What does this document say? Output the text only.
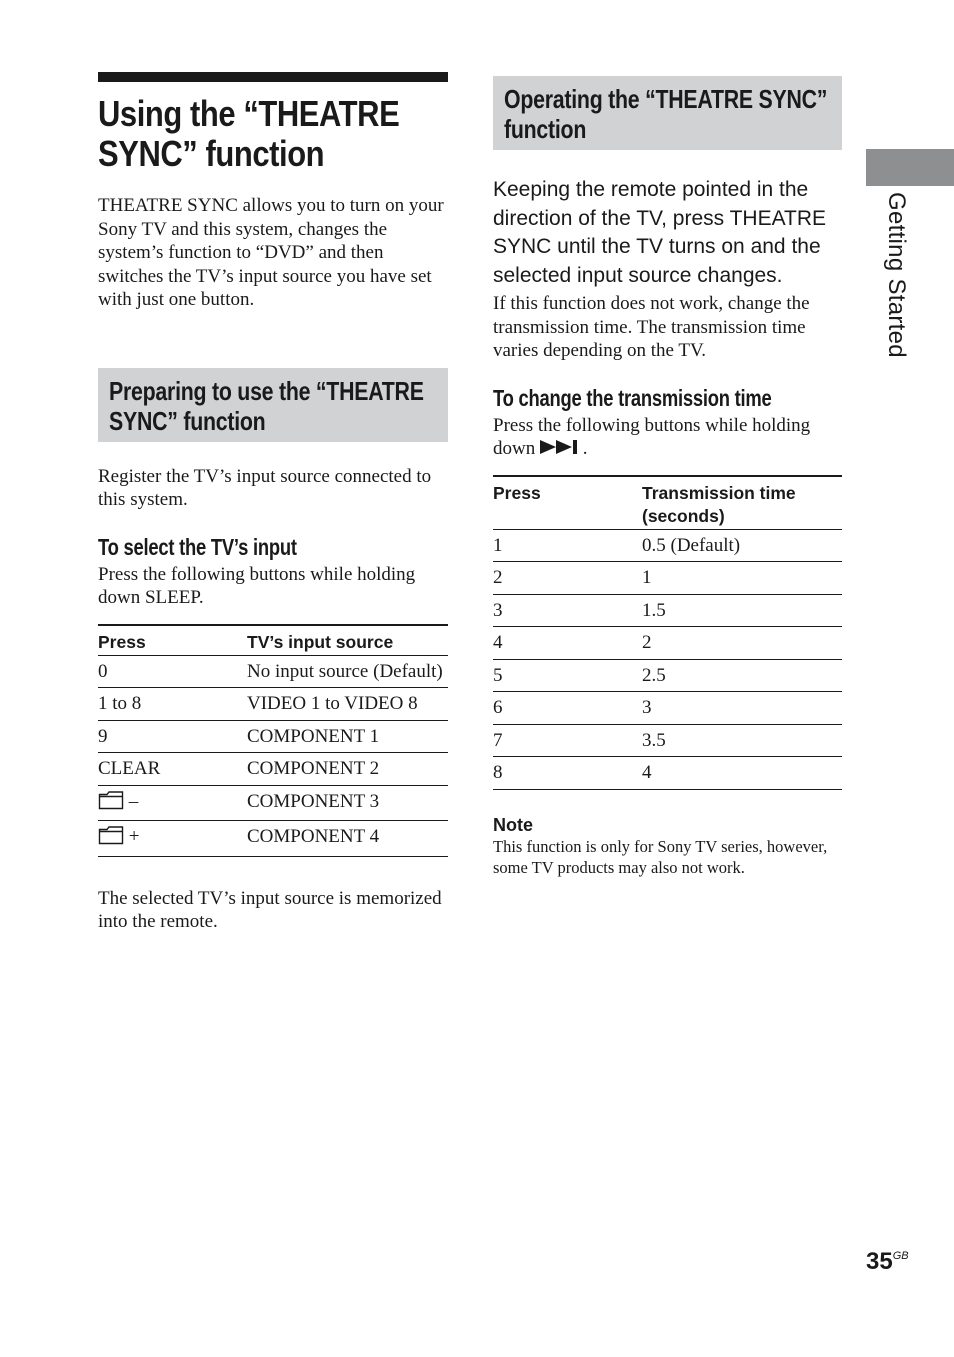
Using the “THEATRE SYNC” function

THEATRE SYNC allows you to turn on your Sony TV and this system, changes the system’s function to “DVD” and then switches the TV’s input source you have set with just one button.

Preparing to use the “THEATRE SYNC” function

Register the TV’s input source connected to this system.

To select the TV’s input

Press the following buttons while holding down SLEEP.

Press	TV’s input source
0	No input source (Default)
1 to 8	VIDEO 1 to VIDEO 8
9	COMPONENT 1
CLEAR	COMPONENT 2
–	COMPONENT 3
+	COMPONENT 4

The selected TV’s input source is memorized into the remote.

Operating the “THEATRE SYNC” function

Keeping the remote pointed in the direction of the TV, press THEATRE SYNC until the TV turns on and the selected input source changes.

If this function does not work, change the transmission time. The transmission time varies depending on the TV.

To change the transmission time

Press the following buttons while holding down	.

Press	Transmission time (seconds)
1	0.5 (Default)
2	1
3	1.5
4	2
5	2.5
6	3
7	3.5
8	4

Note

This function is only for Sony TV series, however, some TV products may also not work.

Getting Started
$35^{GB}$
